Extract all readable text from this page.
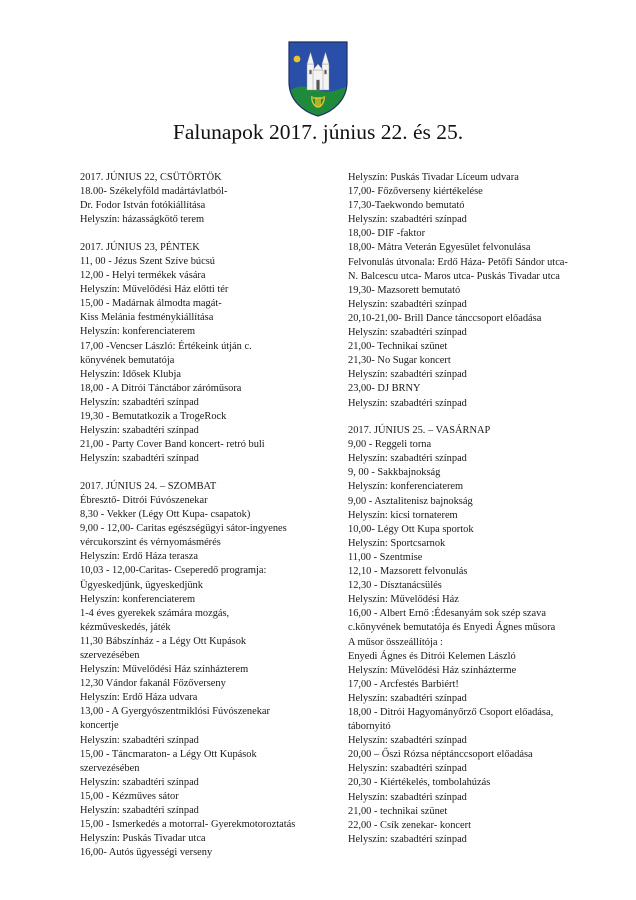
Falunapok 2017. június 22. és 25.
2017. JÚNIUS 22, CSÜTÖRTÖK
18.00- Székelyföld madártávlatból-
Dr. Fodor István fotókiállítása
Helyszín: házasságkötő terem
2017. JÚNIUS 23, PÉNTEK
11, 00 - Jézus Szent Szíve búcsú
12,00 - Helyi termékek vására
Helyszín: Művelődési Ház előtti tér
15,00 - Madárnak álmodta magát-
Kiss Melánia festménykiállítása
Helyszín: konferenciaterem
17,00 -Vencser László: Értékeink útján c.
könyvének bemutatója
Helyszín: Idősek Klubja
18,00 - A Ditrói Tánctábor záróműsora
Helyszín: szabadtéri színpad
19,30 - Bemutatkozik a TrogeRock
Helyszín: szabadtéri színpad
21,00 - Party Cover Band koncert- retró buli
Helyszín: szabadtéri színpad
2017. JÚNIUS 24. – SZOMBAT
Ébresztő- Ditrói Fúvószenekar
8,30 - Vekker (Légy Ott Kupa- csapatok)
9,00 - 12,00- Caritas egészségügyi sátor-ingyenes
vércukorszint és vérnyomásmérés
Helyszín: Erdő Háza terasza
10,03 - 12,00-Caritas- Cseperedő programja:
Ügyeskedjünk, ügyeskedjünk
Helyszín: konferenciaterem
1-4 éves gyerekek számára mozgás,
kézműveskedés, játék
11,30 Bábszínház - a Légy Ott Kupások
szervezésében
Helyszín: Művelődési Ház színházterem
12,30 Vándor fakanál Főzőverseny
Helyszín: Erdő Háza udvara
13,00 - A Gyergyószentmiklósi Fúvószenekar
koncertje
Helyszín: szabadtéri színpad
15,00 - Táncmaraton- a Légy Ott Kupások
szervezésében
Helyszín: szabadtéri színpad
15,00 - Kézműves sátor
Helyszín: szabadtéri színpad
15,00 - Ismerkedés a motorral- Gyerekmotoroztatás
Helyszín: Puskás Tivadar utca
16,00- Autós ügyességi verseny
Helyszín: Puskás Tivadar Líceum udvara
17,00- Főzőverseny kiértékelése
17,30-Taekwondo bemutató
Helyszín: szabadtéri színpad
18,00- DIF -faktor
18,00- Mátra Veterán Egyesület felvonulása
Felvonulás útvonala: Erdő Háza- Petőfi Sándor utca-
N. Balcescu utca- Maros utca- Puskás Tivadar utca
19,30- Mazsorett bemutató
Helyszín: szabadtéri színpad
20,10-21,00- Brill Dance tánccsoport előadása
Helyszín: szabadtéri színpad
21,00- Technikai szünet
21,30- No Sugar koncert
Helyszín: szabadtéri színpad
23,00- DJ BRNY
Helyszín: szabadtéri színpad
2017. JÚNIUS 25. – VASÁRNAP
9,00 - Reggeli torna
Helyszín: szabadtéri színpad
9, 00 - Sakkbajnokság
Helyszín: konferenciaterem
9,00 - Asztalitenisz bajnokság
Helyszín: kicsi tornaterem
10,00- Légy Ott Kupa sportok
Helyszín: Sportcsarnok
11,00 - Szentmise
12,10 - Mazsorett felvonulás
12,30 - Dísztanácsülés
Helyszín: Művelődési Ház
16,00 - Albert Ernő :Édesanyám sok szép szava
c.könyvének bemutatója és Enyedi Ágnes műsora
A műsor összeállítója :
Enyedi Ágnes és Ditrói Kelemen László
Helyszín: Művelődési Ház színházterme
17,00 - Arcfestés Barbiért!
Helyszín: szabadtéri színpad
18,00 - Ditrói Hagyományőrző Csoport előadása,
tábornyitó
Helyszín: szabadtéri színpad
20,00 – Őszi Rózsa néptánccsoport előadása
Helyszín: szabadtéri színpad
20,30 - Kiértékelés, tombolahúzás
Helyszín: szabadtéri színpad
21,00 - technikai szünet
22,00 - Csík zenekar- koncert
Helyszín: szabadtéri színpad
